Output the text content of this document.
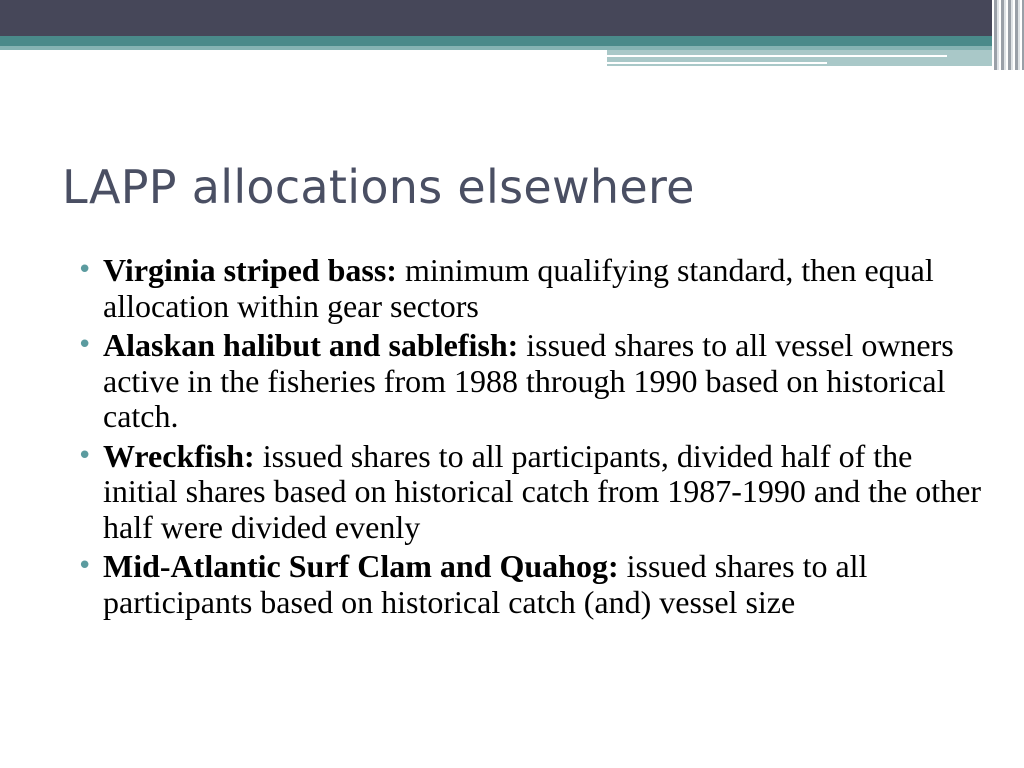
LAPP allocations elsewhere
• Virginia striped bass: minimum qualifying standard, then equal allocation within gear sectors
• Alaskan halibut and sablefish: issued shares to all vessel owners active in the fisheries from 1988 through 1990 based on historical catch.
• Wreckfish: issued shares to all participants, divided half of the initial shares based on historical catch from 1987-1990 and the other half were divided evenly
• Mid-Atlantic Surf Clam and Quahog: issued shares to all participants based on historical catch (and) vessel size
